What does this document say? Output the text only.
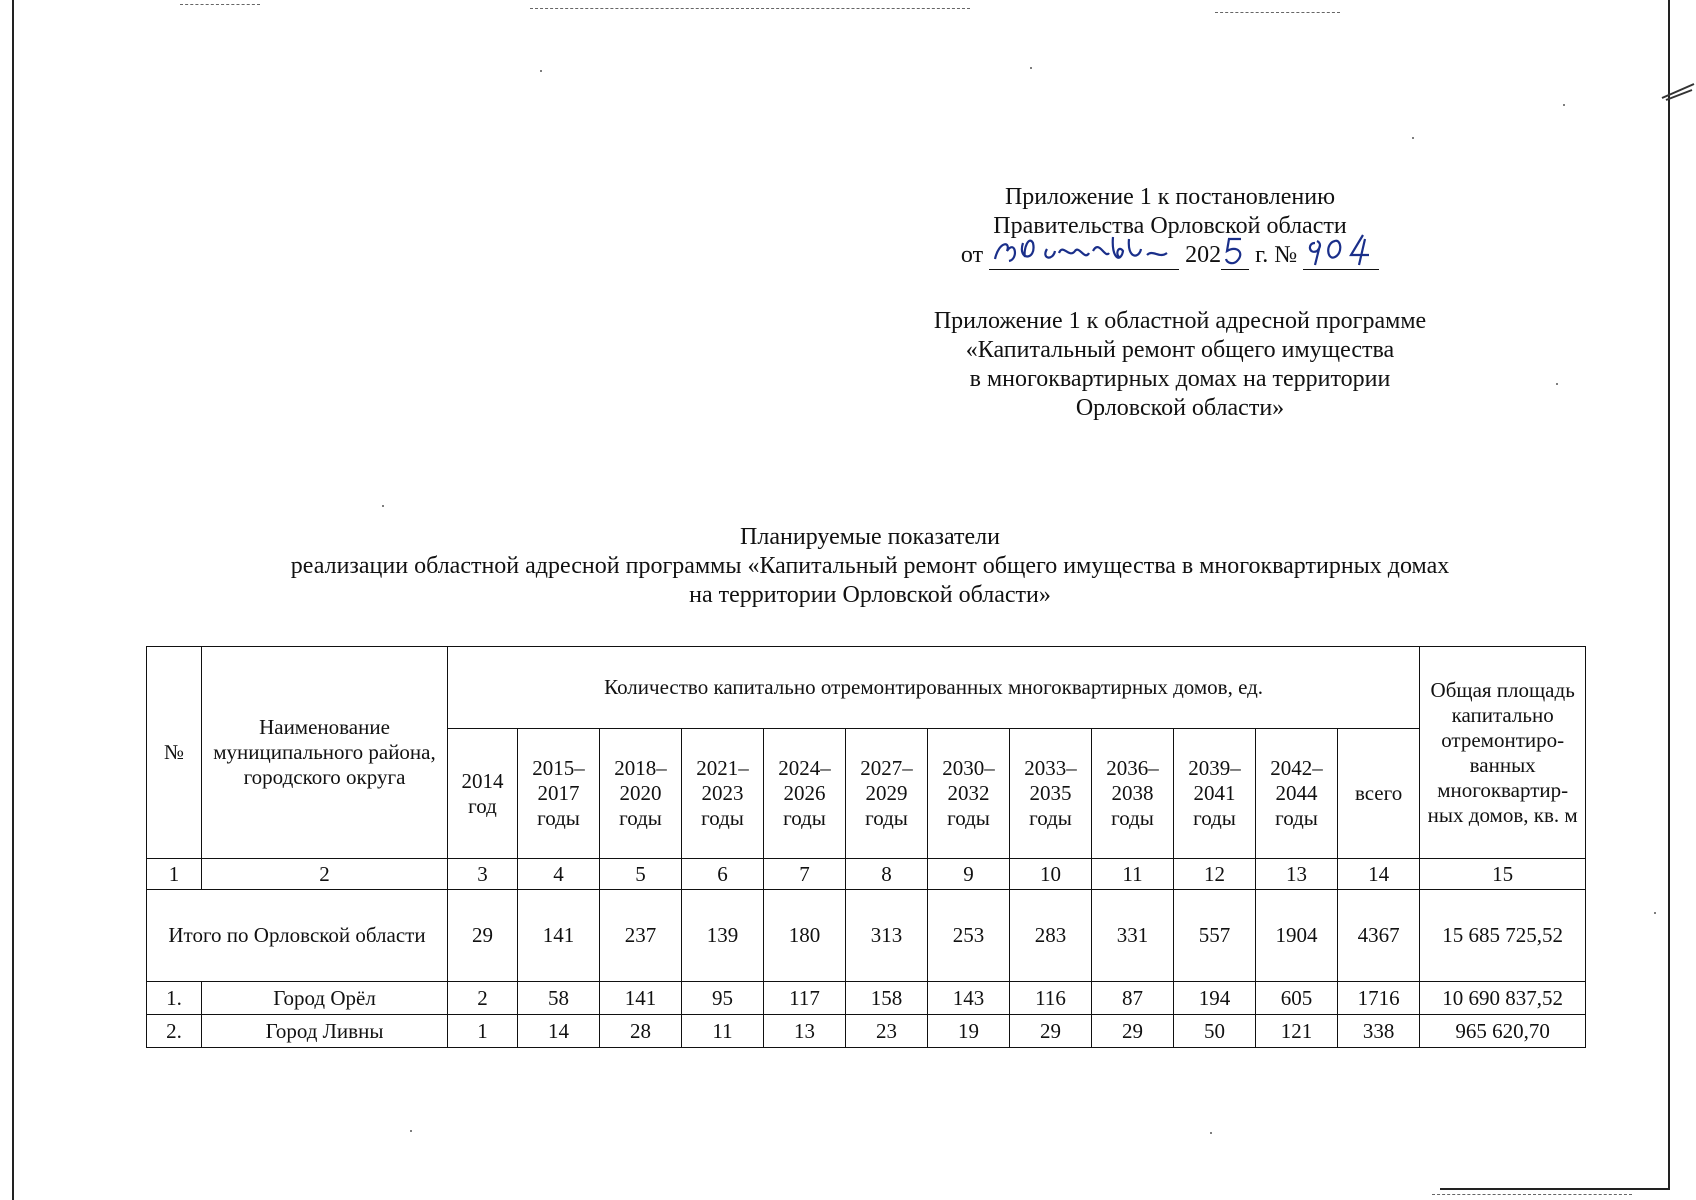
Приложение 1 к постановлению
Правительства Орловской области
от	202 г. №
Приложение 1 к областной адресной программе
«Капитальный ремонт общего имущества
в многоквартирных домах на территории
Орловской области»
Планируемые показатели
реализации областной адресной программы «Капитальный ремонт общего имущества в многоквартирных домах
на территории Орловской области»
№	Наименование муниципального района, городского округа	Количество капитально отремонтированных многоквартирных домов, ед.												Общая площадь капитально отремонтиро-ванных многоквартир-ных домов, кв. м
		2014 год	2015–2017 годы	2018–2020 годы	2021–2023 годы	2024–2026 годы	2027–2029 годы	2030–2032 годы	2033–2035 годы	2036–2038 годы	2039–2041 годы	2042–2044 годы	всего	
1	2	3	4	5	6	7	8	9	10	11	12	13	14	15
Итого по Орловской области		29	141	237	139	180	313	253	283	331	557	1904	4367	15 685 725,52
1.	Город Орёл	2	58	141	95	117	158	143	116	87	194	605	1716	10 690 837,52
2.	Город Ливны	1	14	28	11	13	23	19	29	29	50	121	338	965 620,70
